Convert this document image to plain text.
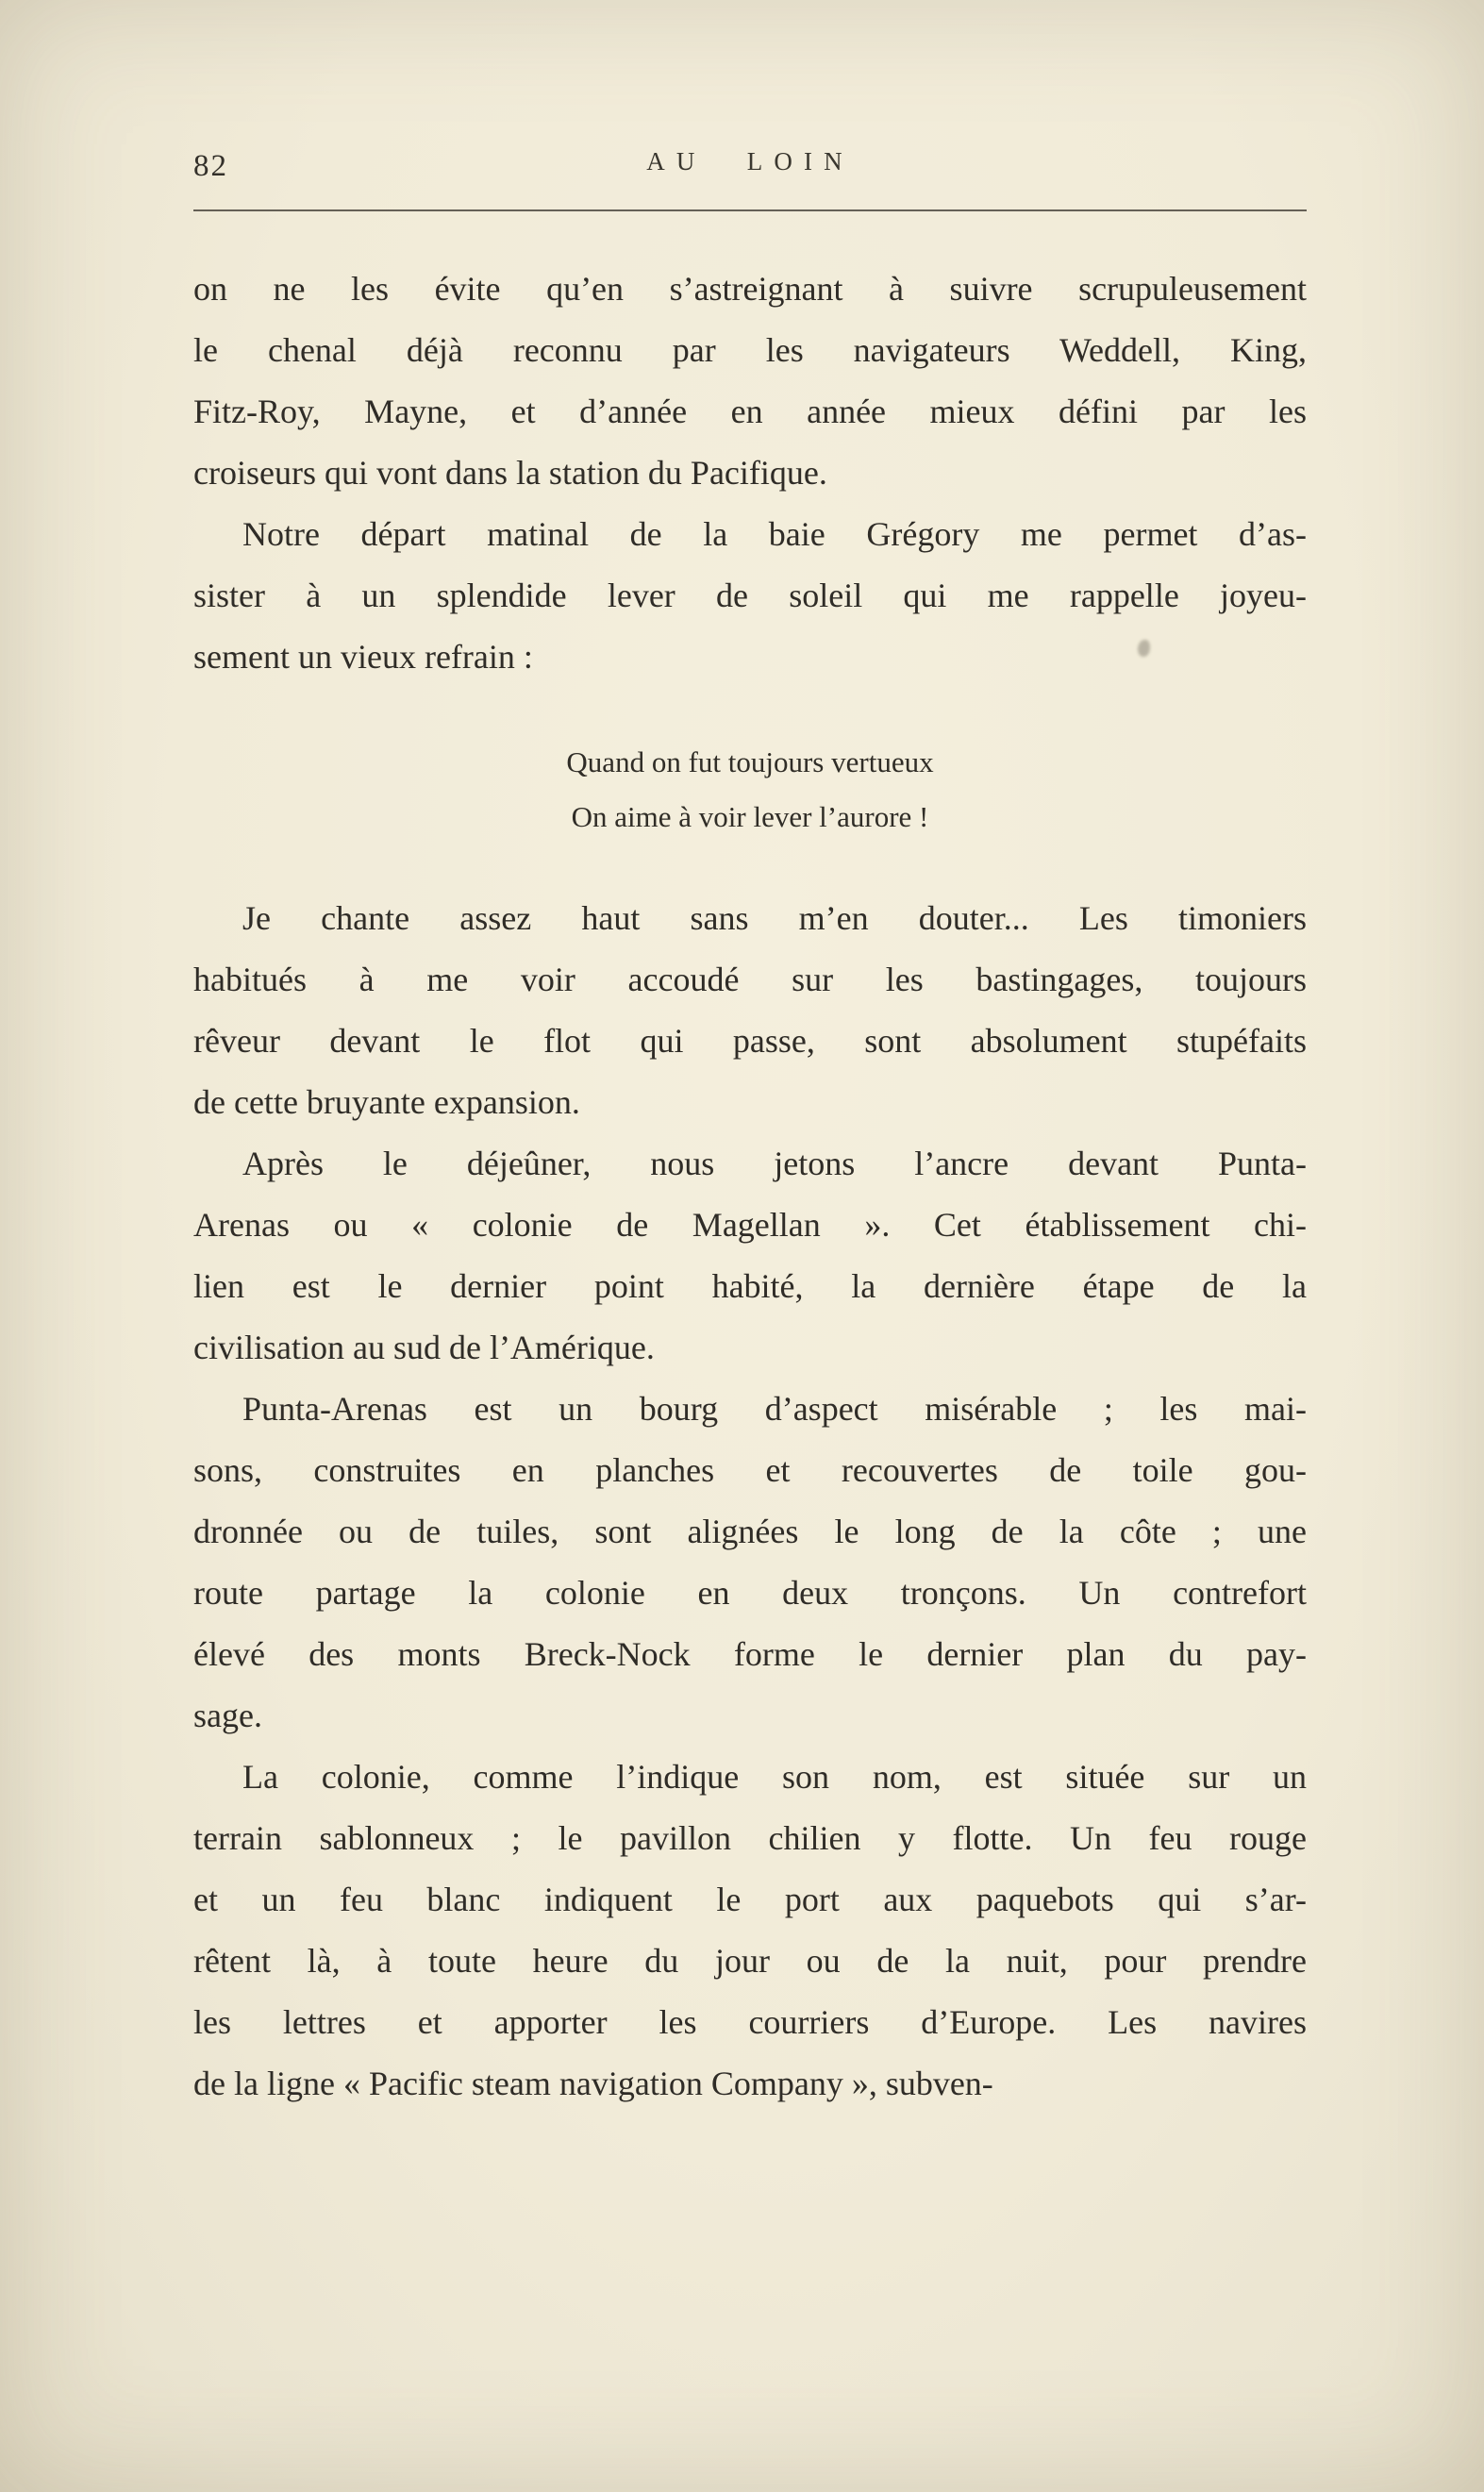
82	AU LOIN
on ne les évite qu’en s’astreignant à suivre scrupuleusement
le chenal déjà reconnu par les navigateurs Weddell, King,
Fitz-Roy, Mayne, et d’année en année mieux défini par les
croiseurs qui vont dans la station du Pacifique.
Notre départ matinal de la baie Grégory me permet d’as-
sister à un splendide lever de soleil qui me rappelle joyeu-
sement un vieux refrain :
Quand on fut toujours vertueux
On aime à voir lever l’aurore !
Je chante assez haut sans m’en douter... Les timoniers
habitués à me voir accoudé sur les bastingages, toujours
rêveur devant le flot qui passe, sont absolument stupéfaits
de cette bruyante expansion.
Après le déjeûner, nous jetons l’ancre devant Punta-
Arenas ou « colonie de Magellan ». Cet établissement chi-
lien est le dernier point habité, la dernière étape de la
civilisation au sud de l’Amérique.
Punta-Arenas est un bourg d’aspect misérable ; les mai-
sons, construites en planches et recouvertes de toile gou-
dronnée ou de tuiles, sont alignées le long de la côte ; une
route partage la colonie en deux tronçons. Un contrefort
élevé des monts Breck-Nock forme le dernier plan du pay-
sage.
La colonie, comme l’indique son nom, est située sur un
terrain sablonneux ; le pavillon chilien y flotte. Un feu rouge
et un feu blanc indiquent le port aux paquebots qui s’ar-
rêtent là, à toute heure du jour ou de la nuit, pour prendre
les lettres et apporter les courriers d’Europe. Les navires
de la ligne « Pacific steam navigation Company », subven-
